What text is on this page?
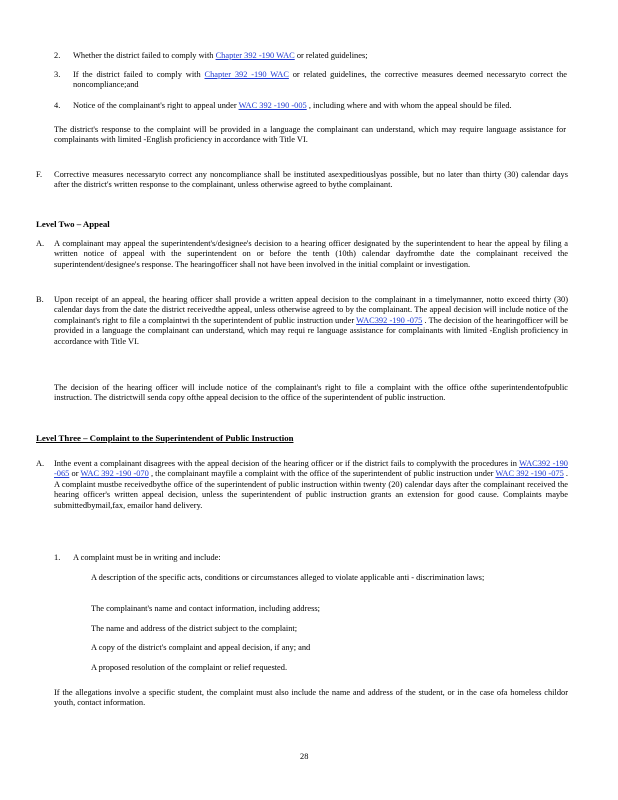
2. Whether the district failed to comply with Chapter 392 -190 WAC or related guidelines;
3. If the district failed to comply with Chapter 392 -190 WAC or related guidelines, the corrective measures deemed necessaryto correct the noncompliance;and
4. Notice of the complainant's right to appeal under WAC 392 -190 -005 , including where and with whom the appeal should be filed.
The district's response to the complaint will be provided in a language the complainant can understand, which may require language assistance for complainants with limited -English proficiency in accordance with Title VI.
F. Corrective measures necessaryto correct any noncompliance shall be instituted asexpeditiouslyas possible, but no later than thirty (30) calendar days after the district's written response to the complainant, unless otherwise agreed to bythe complainant.
Level Two – Appeal
A. A complainant may appeal the superintendent's/designee's decision to a hearing officer designated by the superintendent to hear the appeal by filing a written notice of appeal with the superintendent on or before the tenth (10th) calendar dayfromthe date the complainant received the superintendent/designee's response. The hearingofficer shall not have been involved in the initial complaint or investigation.
B. Upon receipt of an appeal, the hearing officer shall provide a written appeal decision to the complainant in a timelymanner, notto exceed thirty (30) calendar days from the date the district receivedthe appeal, unless otherwise agreed to by the complainant. The appeal decision will include notice of the complainant's right to file a complaintwi th the superintendent of public instruction under WAC392 -190 -075 . The decision of the hearingofficer will be provided in a language the complainant can understand, which may requi re language assistance for complainants with limited -English proficiency in accordance with Title VI.
The decision of the hearing officer will include notice of the complainant's right to file a complaint with the office ofthe superintendentofpublic instruction. The districtwill senda copy ofthe appeal decision to the office of the superintendent of public instruction.
Level Three – Complaint to the Superintendent of Public Instruction
A. Inthe event a complainant disagrees with the appeal decision of the hearing officer or if the district fails to complywith the procedures in WAC392 -190 -065 or WAC 392 -190 -070 , the complainant mayfile a complaint with the office of the superintendent of public instruction under WAC 392 -190 -075 . A complaint mustbe receivedbythe office of the superintendent of public instruction within twenty (20) calendar days after the complainant received the hearing officer's written appeal decision, unless the superintendent of public instruction grants an extension for good cause. Complaints maybe submittedbymail,fax, emailor hand delivery.
1. A complaint must be in writing and include:
A description of the specific acts, conditions or circumstances alleged to violate applicable anti - discrimination laws;
The complainant's name and contact information, including address;
The name and address of the district subject to the complaint;
A copy of the district's complaint and appeal decision, if any; and
A proposed resolution of the complaint or relief requested.
If the allegations involve a specific student, the complaint must also include the name and address of the student, or in the case ofa homeless childor youth, contact information.
28
